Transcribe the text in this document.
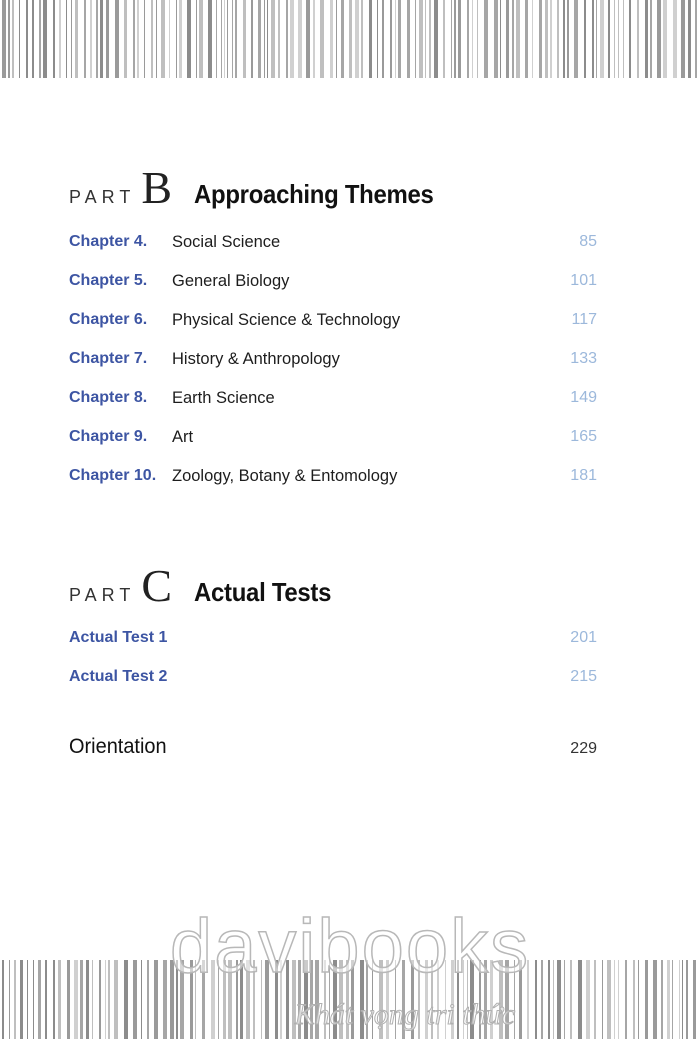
PART B Approaching Themes
Chapter 4. Social Science	85
Chapter 5. General Biology	101
Chapter 6. Physical Science & Technology	117
Chapter 7. History & Anthropology	133
Chapter 8. Earth Science	149
Chapter 9. Art	165
Chapter 10. Zoology, Botany & Entomology	181
PART C Actual Tests
Actual Test 1	201
Actual Test 2	215
Orientation	229
davibooks
Khát vọng tri thức
